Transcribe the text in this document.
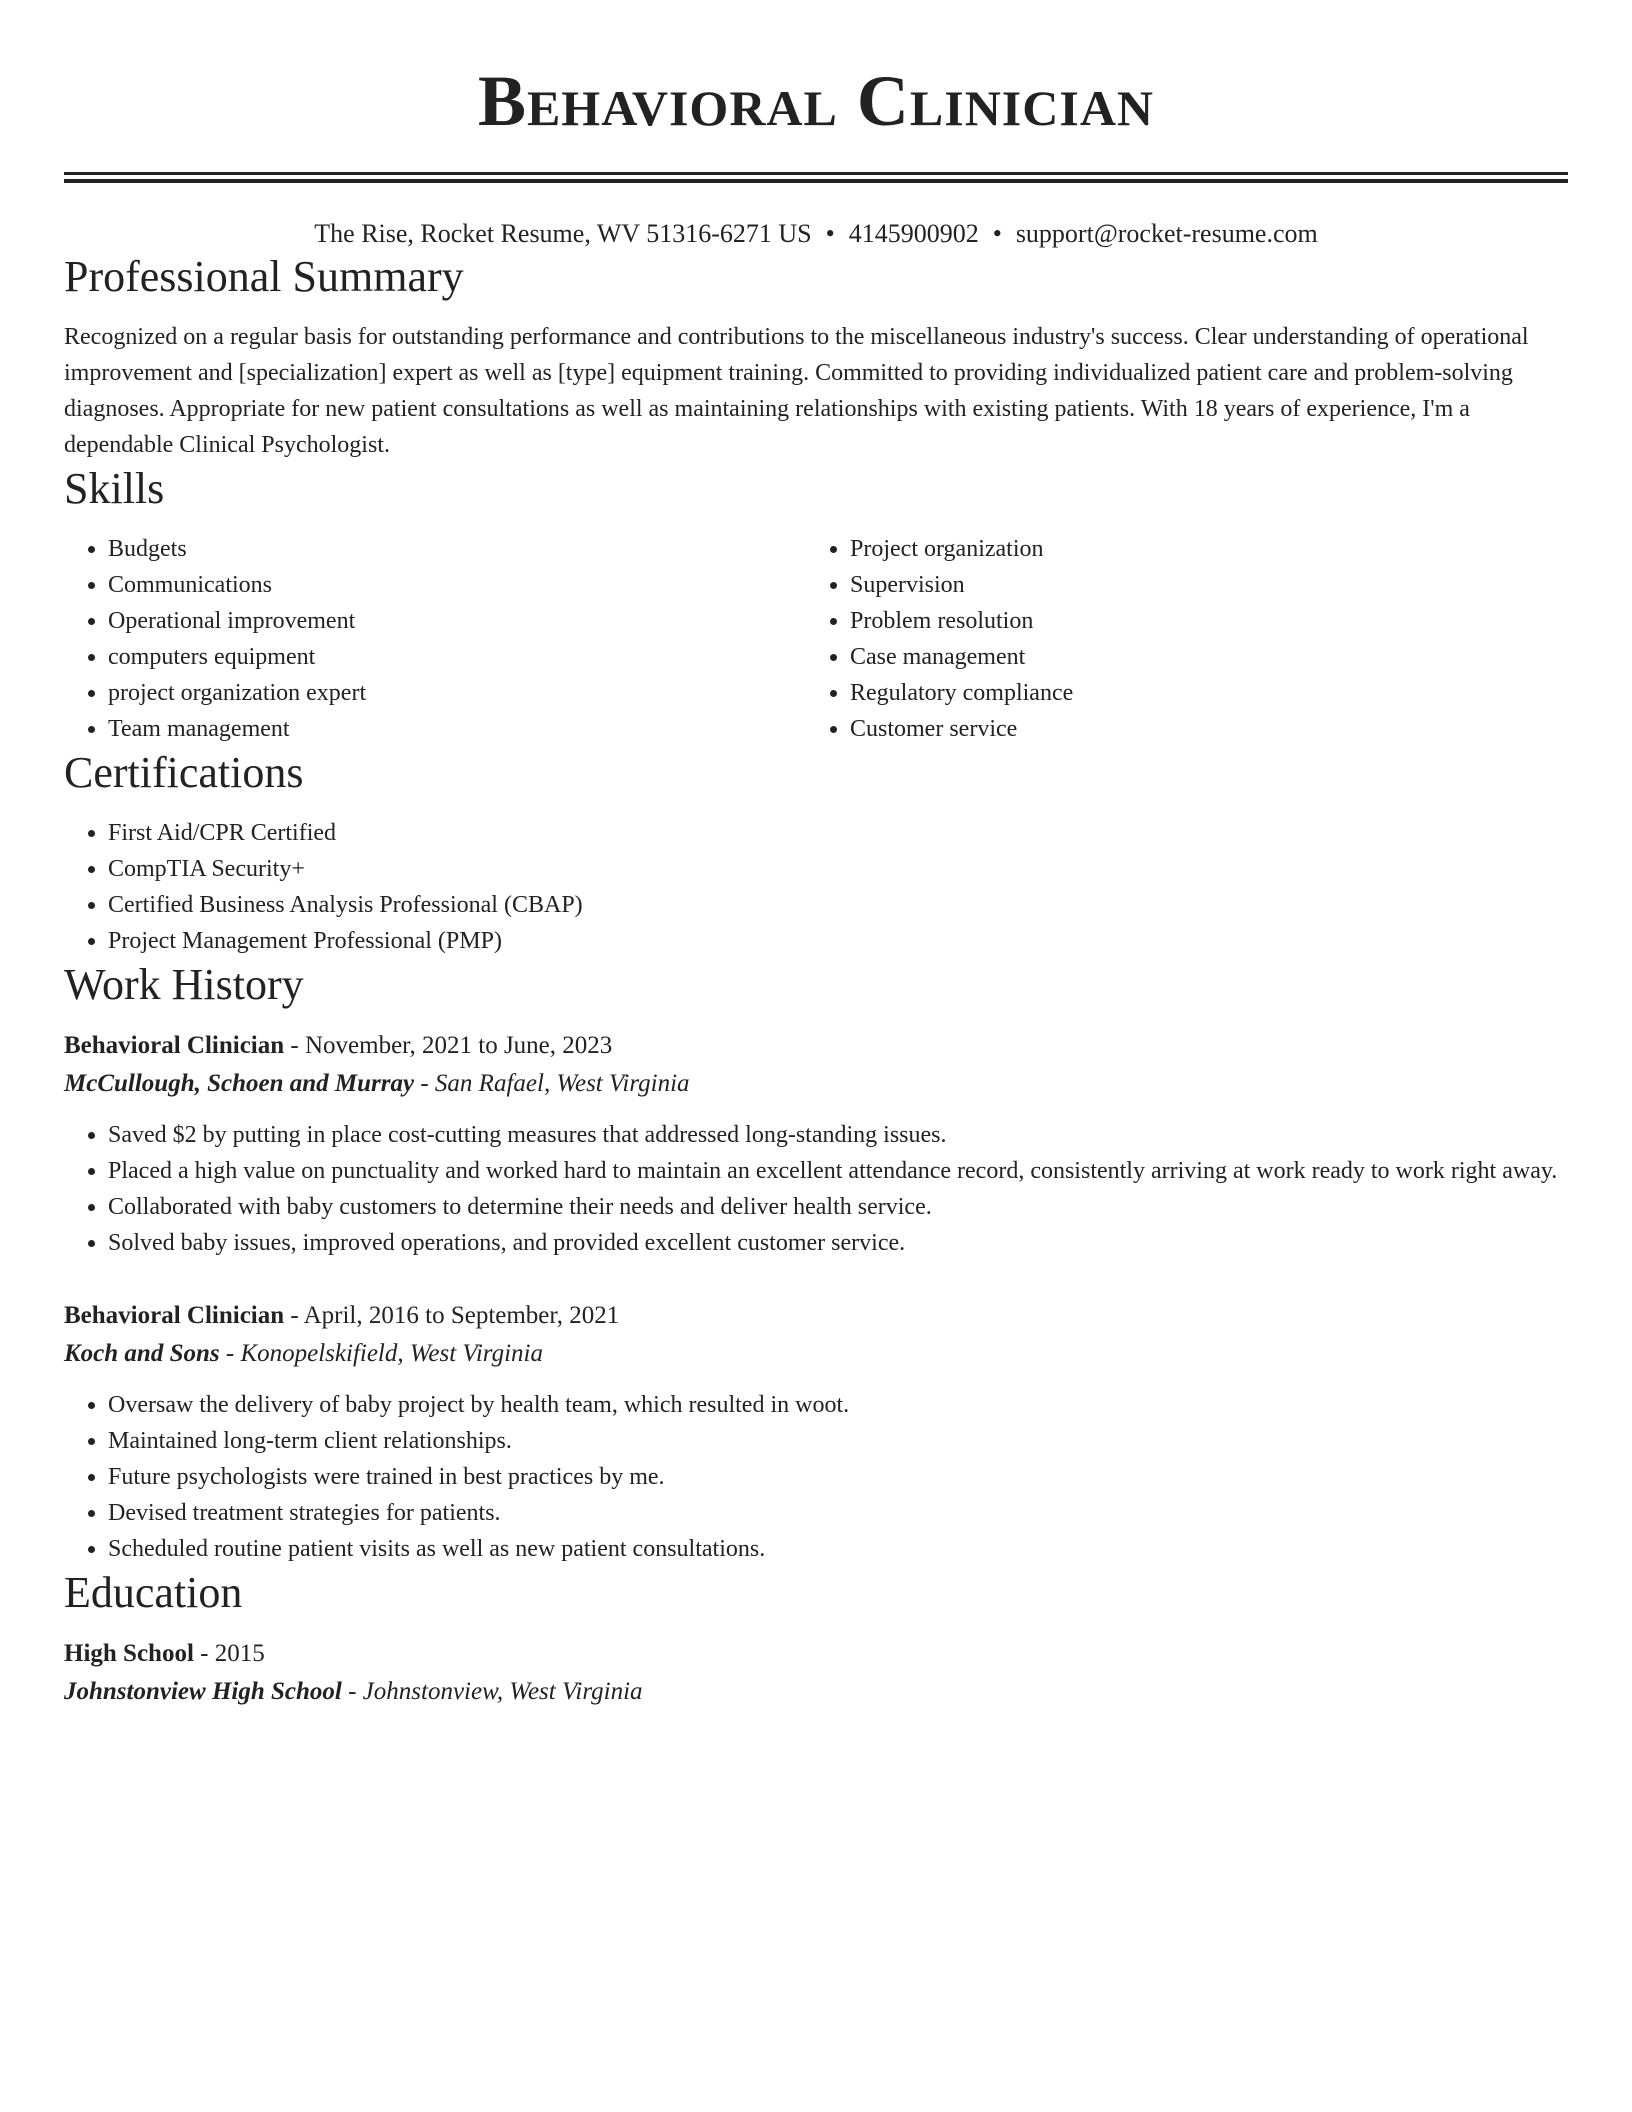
Behavioral Clinician
The Rise, Rocket Resume, WV 51316-6271 US • 4145900902 • support@rocket-resume.com
Professional Summary
Recognized on a regular basis for outstanding performance and contributions to the miscellaneous industry's success. Clear understanding of operational improvement and [specialization] expert as well as [type] equipment training. Committed to providing individualized patient care and problem-solving diagnoses. Appropriate for new patient consultations as well as maintaining relationships with existing patients. With 18 years of experience, I'm a dependable Clinical Psychologist.
Skills
• Budgets
• Communications
• Operational improvement
• computers equipment
• project organization expert
• Team management
• Project organization
• Supervision
• Problem resolution
• Case management
• Regulatory compliance
• Customer service
Certifications
• First Aid/CPR Certified
• CompTIA Security+
• Certified Business Analysis Professional (CBAP)
• Project Management Professional (PMP)
Work History
Behavioral Clinician - November, 2021 to June, 2023
McCullough, Schoen and Murray - San Rafael, West Virginia
• Saved $2 by putting in place cost-cutting measures that addressed long-standing issues.
• Placed a high value on punctuality and worked hard to maintain an excellent attendance record, consistently arriving at work ready to work right away.
• Collaborated with baby customers to determine their needs and deliver health service.
• Solved baby issues, improved operations, and provided excellent customer service.
Behavioral Clinician - April, 2016 to September, 2021
Koch and Sons - Konopelskifield, West Virginia
• Oversaw the delivery of baby project by health team, which resulted in woot.
• Maintained long-term client relationships.
• Future psychologists were trained in best practices by me.
• Devised treatment strategies for patients.
• Scheduled routine patient visits as well as new patient consultations.
Education
High School - 2015
Johnstonview High School - Johnstonview, West Virginia
